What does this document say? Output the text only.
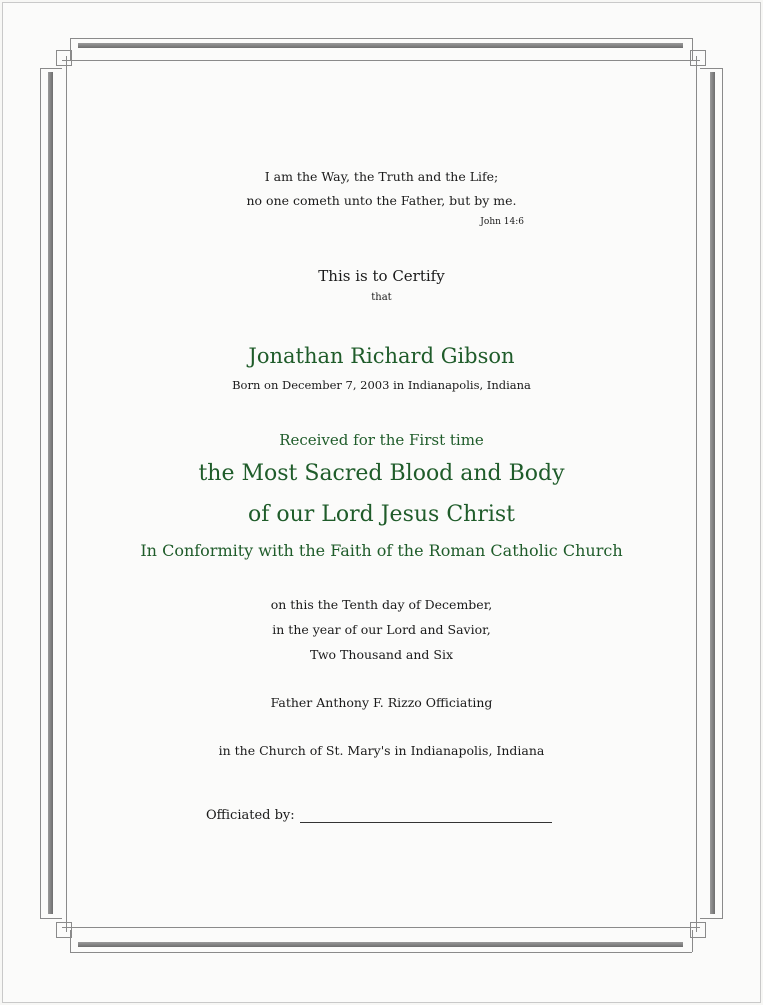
I am the Way, the Truth and the Life;
no one cometh unto the Father, but by me.
John 14:6
This is to Certify
that
Jonathan Richard Gibson
Born on December 7, 2003 in Indianapolis, Indiana
Received for the First time
the Most Sacred Blood and Body
of our Lord Jesus Christ
In Conformity with the Faith of the Roman Catholic Church
on this the Tenth day of December,
in the year of our Lord and Savior,
Two Thousand and Six
Father Anthony F. Rizzo Officiating
in the Church of St. Mary's in Indianapolis, Indiana
Officiated by:
